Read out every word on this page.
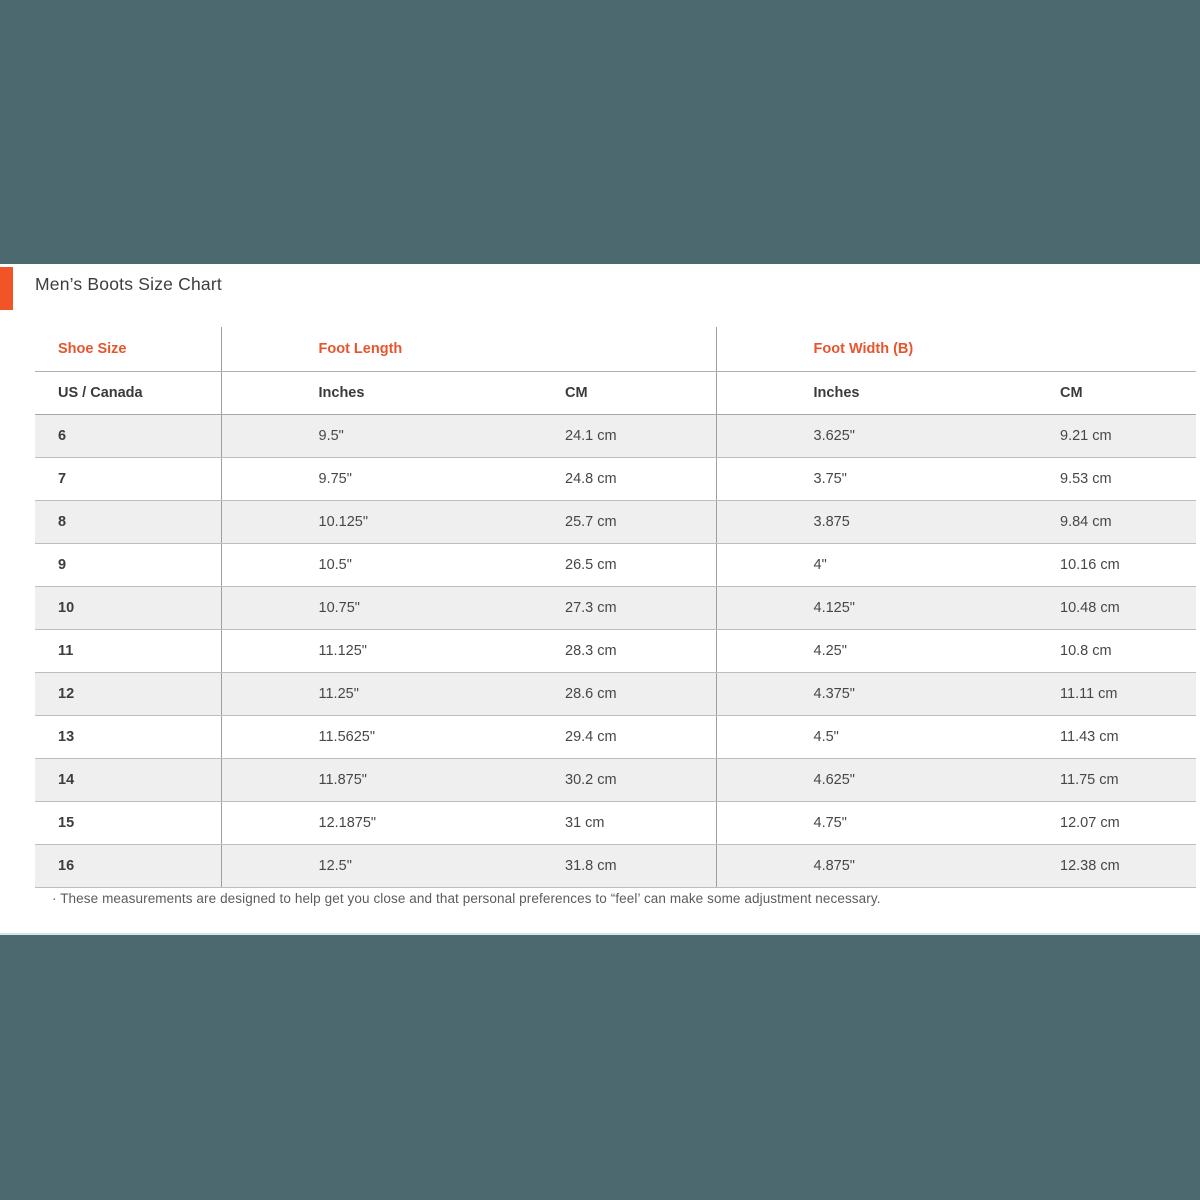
Men’s Boots Size Chart
Shoe Size	Foot Length		Foot Width (B)	
US / Canada	Inches	CM	Inches	CM
6	9.5"	24.1 cm	3.625"	9.21 cm
7	9.75"	24.8 cm	3.75"	9.53 cm
8	10.125"	25.7 cm	3.875	9.84 cm
9	10.5"	26.5 cm	4"	10.16 cm
10	10.75"	27.3 cm	4.125"	10.48 cm
11	11.125"	28.3 cm	4.25"	10.8 cm
12	11.25"	28.6 cm	4.375"	11.11 cm
13	11.5625"	29.4 cm	4.5"	11.43 cm
14	11.875"	30.2 cm	4.625"	11.75 cm
15	12.1875"	31 cm	4.75"	12.07 cm
16	12.5"	31.8 cm	4.875"	12.38 cm

· These measurements are designed to help get you close and that personal preferences to “feel’ can make some adjustment necessary.
